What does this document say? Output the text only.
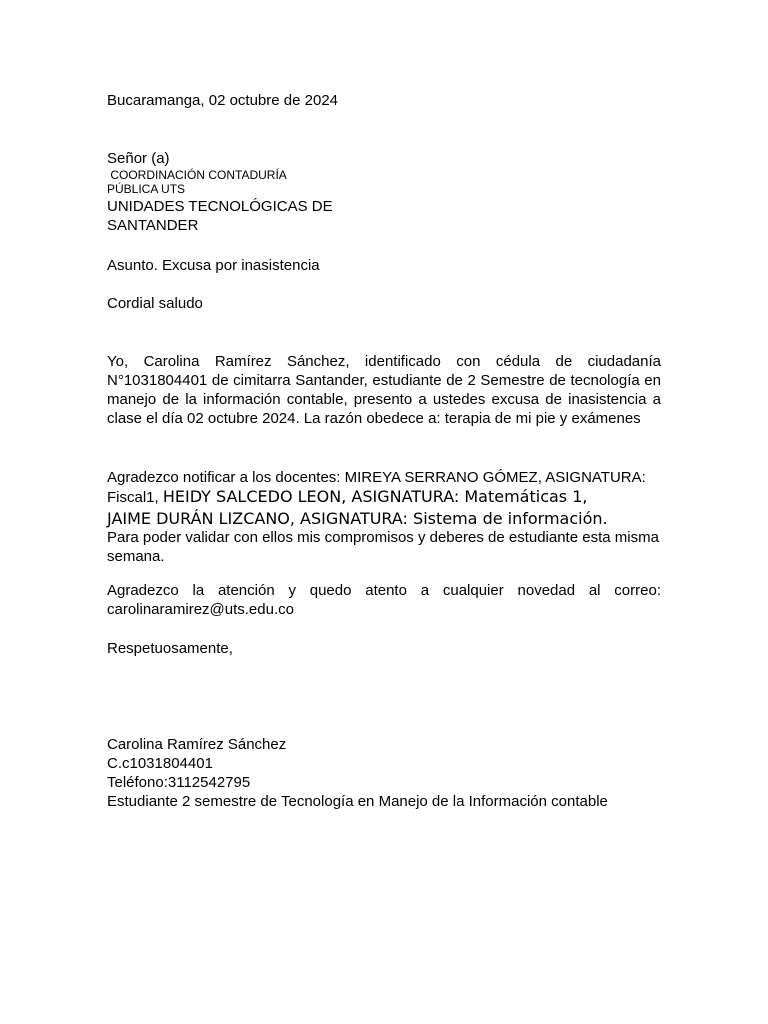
Bucaramanga, 02 octubre de 2024

Señor (a)

COORDINACIÓN CONTADURÍA
PÚBLICA UTS
UNIDADES TECNOLÓGICAS DE
SANTANDER

Asunto. Excusa por inasistencia

Cordial saludo

Yo, Carolina Ramírez Sánchez, identificado con cédula de ciudadanía N°1031804401 de cimitarra Santander, estudiante de 2 Semestre de tecnología en manejo de la información contable, presento a ustedes excusa de inasistencia a clase el día 02 octubre 2024. La razón obedece a: terapia de mi pie y exámenes

Agradezco notificar a los docentes: MIREYA SERRANO GÓMEZ, ASIGNATURA:
Fiscal1, HEIDY SALCEDO LEON, ASIGNATURA: Matemáticas 1,
JAIME DURÁN LIZCANO, ASIGNATURA: Sistema de información.
Para poder validar con ellos mis compromisos y deberes de estudiante esta misma semana.
Agradezco la atención y quedo atento a cualquier novedad al correo:
carolinaramirez@uts.edu.co

Respetuosamente,

Carolina Ramírez Sánchez
C.c1031804401
Teléfono:3112542795
Estudiante 2 semestre de Tecnología en Manejo de la Información contable
